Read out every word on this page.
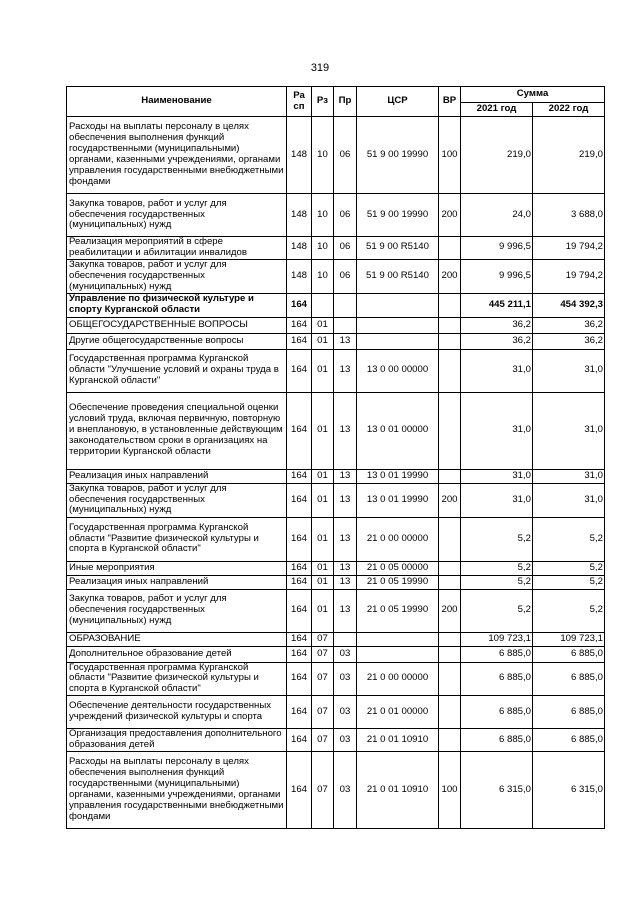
319
Наименование	Ра сп	Рз	Пр	ЦСР	ВР	Сумма	
						2021 год	2022 год
Расходы на выплаты персоналу в целях обеспечения выполнения функций государственными (муниципальными) органами, казенными учреждениями, органами управления государственными внебюджетными фондами	148	10	06	51 9 00 19990	100	219,0	219,0
Закупка товаров, работ и услуг для обеспечения государственных (муниципальных) нужд	148	10	06	51 9 00 19990	200	24,0	3 688,0
Реализация мероприятий в сфере реабилитации и абилитации инвалидов	148	10	06	51 9 00 R5140		9 996,5	19 794,2
Закупка товаров, работ и услуг для обеспечения государственных (муниципальных) нужд	148	10	06	51 9 00 R5140	200	9 996,5	19 794,2
Управление по физической культуре и спорту Курганской области	164					445 211,1	454 392,3
ОБЩЕГОСУДАРСТВЕННЫЕ ВОПРОСЫ	164	01				36,2	36,2
Другие общегосударственные вопросы	164	01	13			36,2	36,2
Государственная программа Курганской области "Улучшение условий и охраны труда в Курганской области"	164	01	13	13 0 00 00000		31,0	31,0
Обеспечение проведения специальной оценки условий труда, включая первичную, повторную и внеплановую, в установленные действующим законодательством сроки в организациях на территории Курганской области	164	01	13	13 0 01 00000		31,0	31,0
Реализация иных направлений	164	01	13	13 0 01 19990		31,0	31,0
Закупка товаров, работ и услуг для обеспечения государственных (муниципальных) нужд	164	01	13	13 0 01 19990	200	31,0	31,0
Государственная программа Курганской области "Развитие физической культуры и спорта в Курганской области"	164	01	13	21 0 00 00000		5,2	5,2
Иные мероприятия	164	01	13	21 0 05 00000		5,2	5,2
Реализация иных направлений	164	01	13	21 0 05 19990		5,2	5,2
Закупка товаров, работ и услуг для обеспечения государственных (муниципальных) нужд	164	01	13	21 0 05 19990	200	5,2	5,2
ОБРАЗОВАНИЕ	164	07				109 723,1	109 723,1
Дополнительное образование детей	164	07	03			6 885,0	6 885,0
Государственная программа Курганской области "Развитие физической культуры и спорта в Курганской области"	164	07	03	21 0 00 00000		6 885,0	6 885,0
Обеспечение деятельности государственных учреждений физической культуры и спорта	164	07	03	21 0 01 00000		6 885,0	6 885,0
Организация предоставления дополнительного образования детей	164	07	03	21 0 01 10910		6 885,0	6 885,0
Расходы на выплаты персоналу в целях обеспечения выполнения функций государственными (муниципальными) органами, казенными учреждениями, органами управления государственными внебюджетными фондами	164	07	03	21 0 01 10910	100	6 315,0	6 315,0
